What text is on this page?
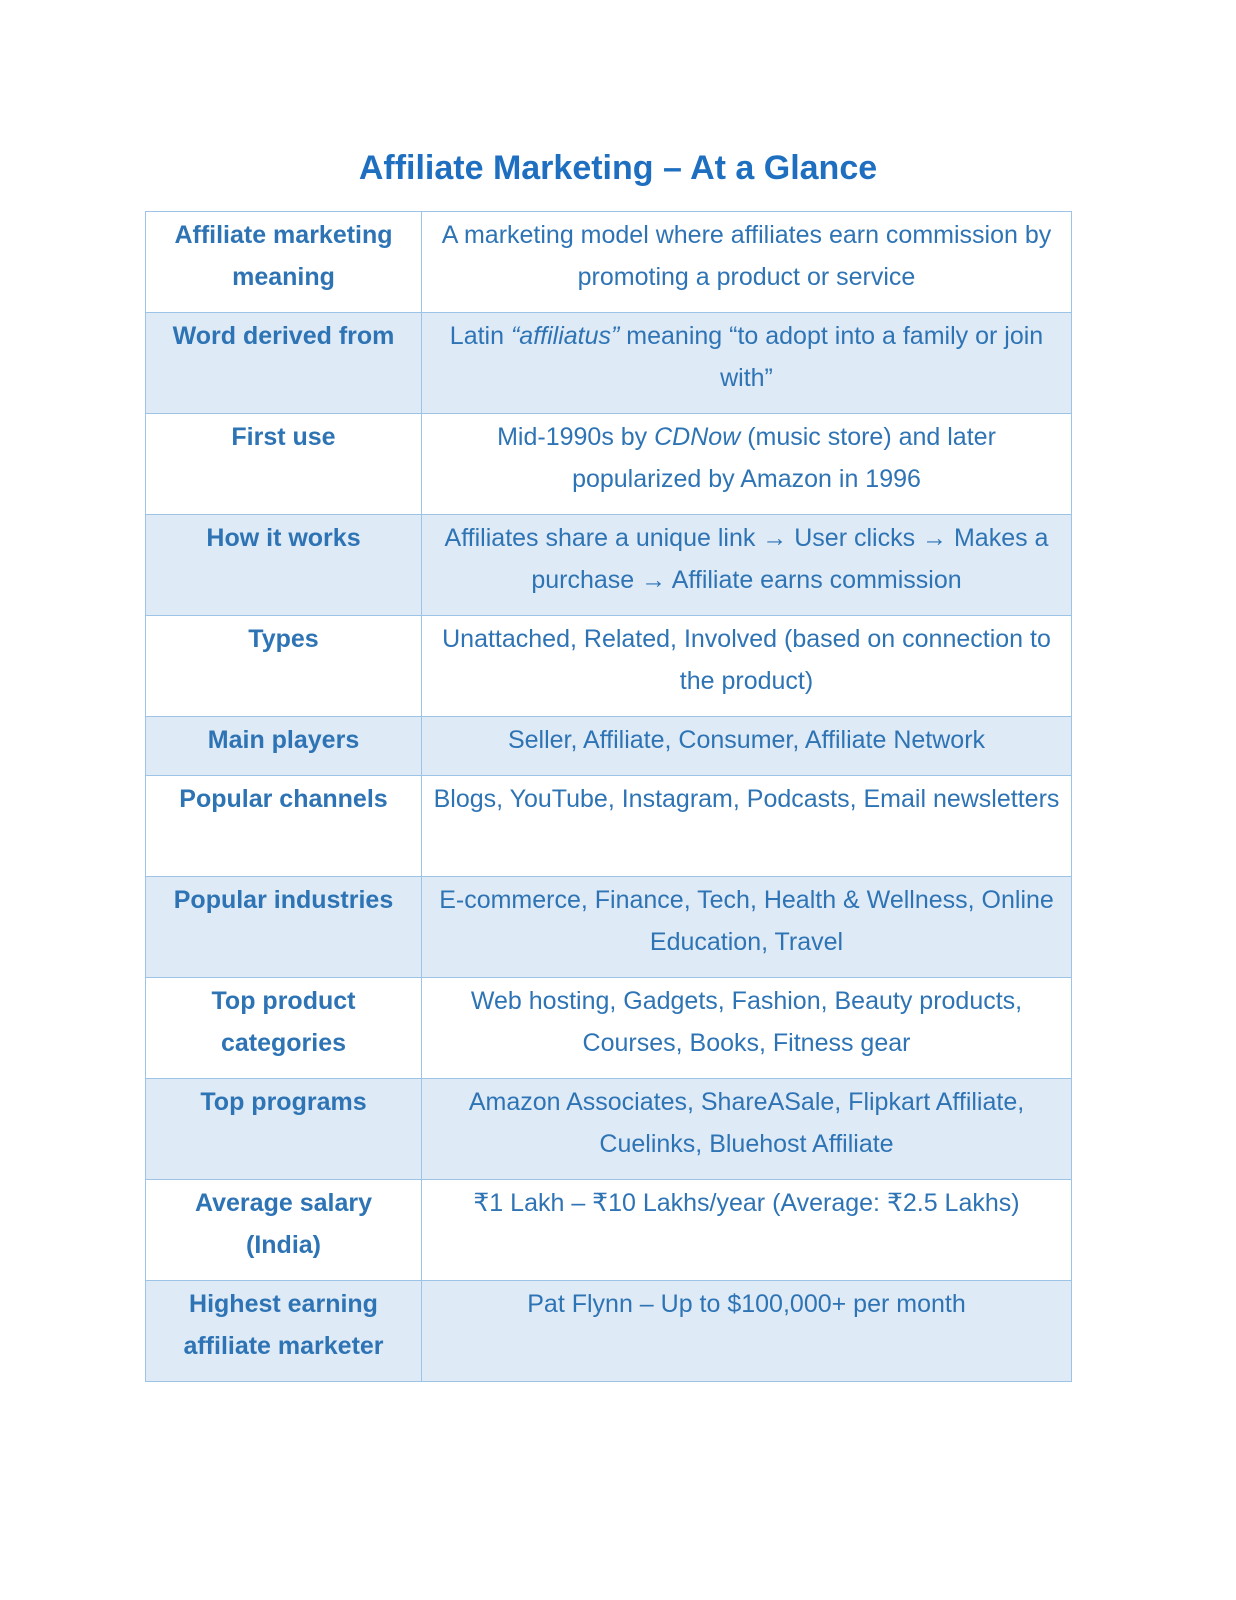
Affiliate Marketing – At a Glance
Affiliate marketing meaning	A marketing model where affiliates earn commission by promoting a product or service
Word derived from	Latin “affiliatus” meaning “to adopt into a family or join with”
First use	Mid-1990s by CDNow (music store) and later popularized by Amazon in 1996
How it works	Affiliates share a unique link → User clicks → Makes a purchase → Affiliate earns commission
Types	Unattached, Related, Involved (based on connection to the product)
Main players	Seller, Affiliate, Consumer, Affiliate Network
Popular channels	Blogs, YouTube, Instagram, Podcasts, Email newsletters
Popular industries	E-commerce, Finance, Tech, Health & Wellness, Online Education, Travel
Top product categories	Web hosting, Gadgets, Fashion, Beauty products, Courses, Books, Fitness gear
Top programs	Amazon Associates, ShareASale, Flipkart Affiliate, Cuelinks, Bluehost Affiliate
Average salary (India)	₹1 Lakh – ₹10 Lakhs/year (Average: ₹2.5 Lakhs)
Highest earning affiliate marketer	Pat Flynn – Up to $100,000+ per month
